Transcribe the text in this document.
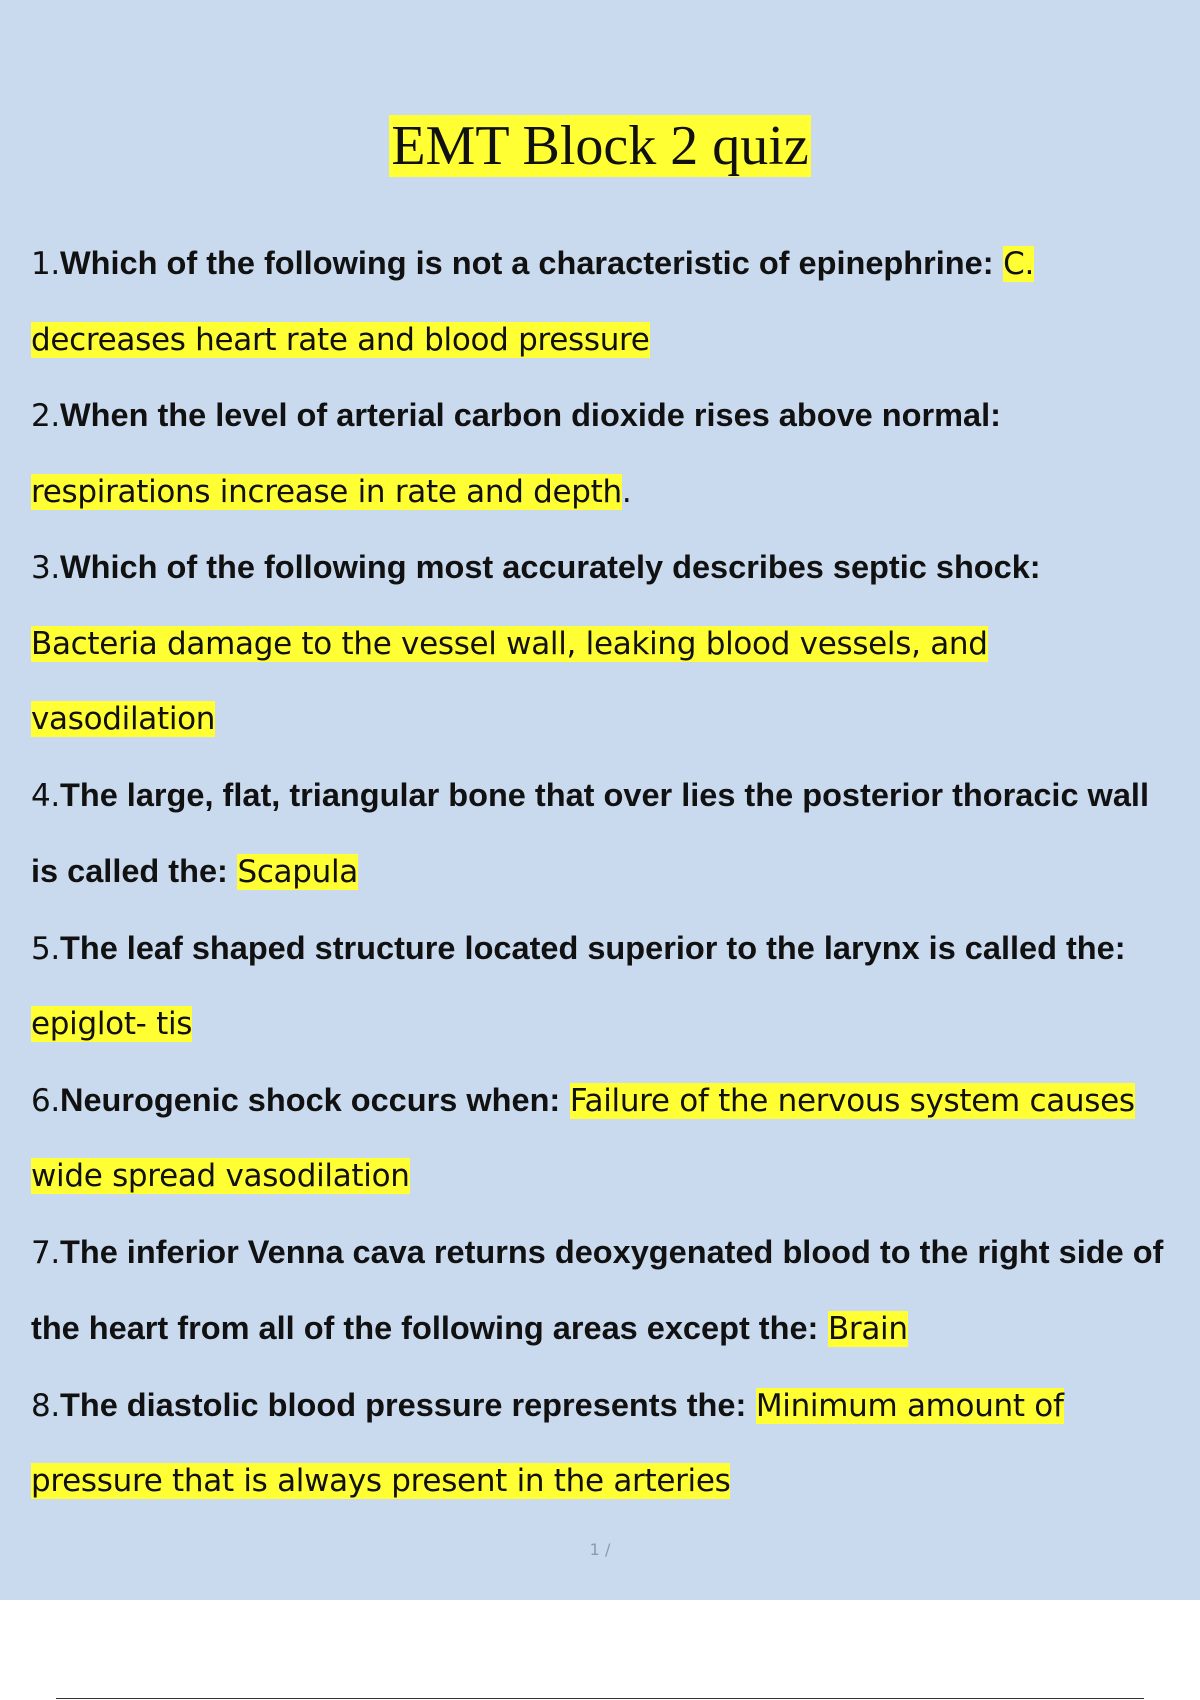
EMT Block 2 quiz

1.Which of the following is not a characteristic of epinephrine: C.

decreases heart rate and blood pressure

2.When the level of arterial carbon dioxide rises above normal:

respirations increase in rate and depth.

3.Which of the following most accurately describes septic shock:

Bacteria damage to the vessel wall, leaking blood vessels, and

vasodilation

4.The large, flat, triangular bone that over lies the posterior thoracic wall

is called the: Scapula

5.The leaf shaped structure located superior to the larynx is called the:

epiglot- tis

6.Neurogenic shock occurs when: Failure of the nervous system causes

wide spread vasodilation

7.The inferior Venna cava returns deoxygenated blood to the right side of

the heart from all of the following areas except the: Brain

8.The diastolic blood pressure represents the: Minimum amount of

pressure that is always present in the arteries

1 /
